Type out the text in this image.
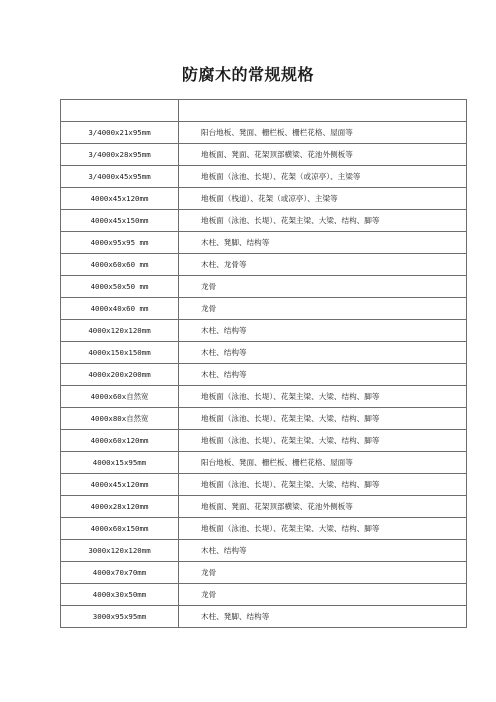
防腐木的常规规格

3/4000x21x95mm	阳台地板、凳面、栅栏板、栅栏花格、屋面等
3/4000x28x95mm	地板面、凳面、花架顶部横梁、花池外侧板等
3/4000x45x95mm	地板面（泳池、长堤）、花架（或凉亭）、主梁等
4000x45x120mm	地板面（栈道）、花架（或凉亭）、主梁等
4000x45x150mm	地板面（泳池、长堤）、花架主梁、大梁、结构、脚等
4000x95x95 mm	木柱、凳脚、结构等
4000x60x60 mm	木柱、龙骨等
4000x50x50 mm	龙骨
4000x40x60 mm	龙骨
4000x120x120mm	木柱、结构等
4000x150x150mm	木柱、结构等
4000x200x200mm	木柱、结构等
4000x60x自然宽	地板面（泳池、长堤）、花架主梁、大梁、结构、脚等
4000x80x自然宽	地板面（泳池、长堤）、花架主梁、大梁、结构、脚等
4000x60x120mm	地板面（泳池、长堤）、花架主梁、大梁、结构、脚等
4000x15x95mm	阳台地板、凳面、栅栏板、栅栏花格、屋面等
4000x45x120mm	地板面（泳池、长堤）、花架主梁、大梁、结构、脚等
4000x28x120mm	地板面、凳面、花架顶部横梁、花池外侧板等
4000x60x150mm	地板面（泳池、长堤）、花架主梁、大梁、结构、脚等
3000x120x120mm	木柱、结构等
4000x70x70mm	龙骨
4000x30x50mm	龙骨
3000x95x95mm	木柱、凳脚、结构等
